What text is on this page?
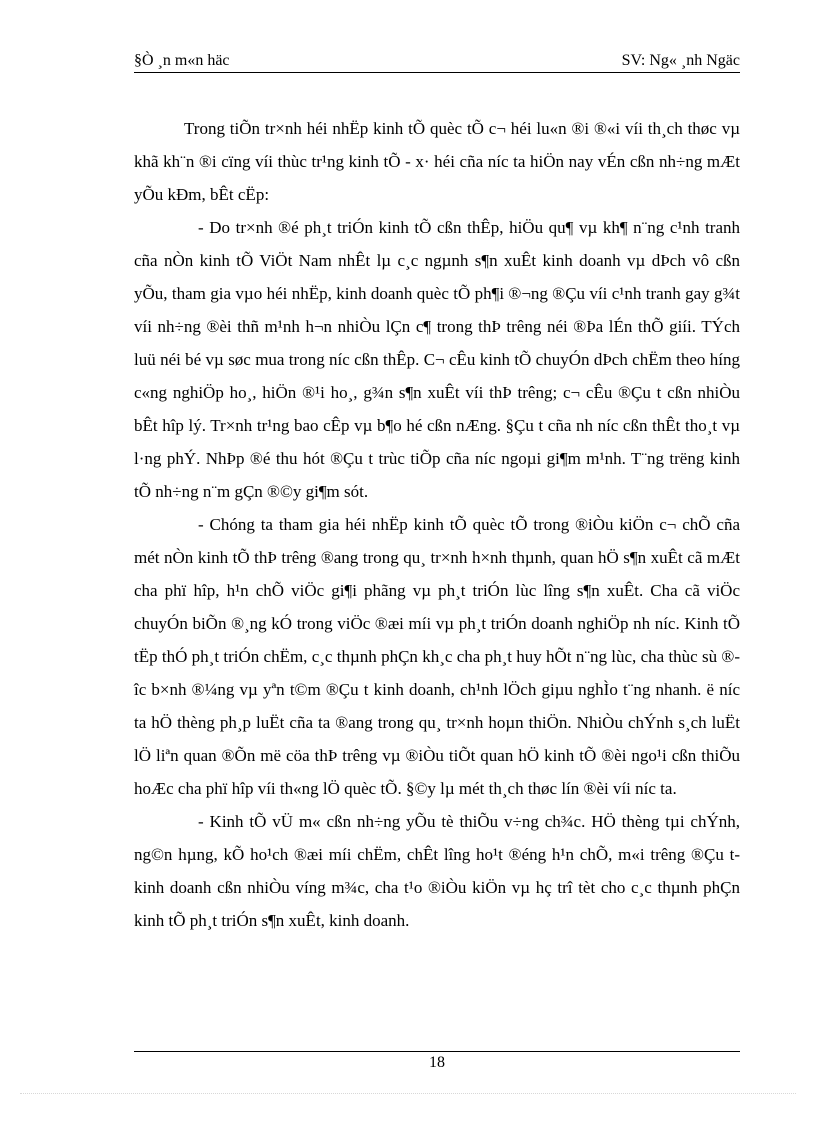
§Ò ¸n m«n häc	SV: Ng« ¸nh Ngäc

Trong tiÕn tr×nh héi nhËp kinh tÕ quèc tÕ c¬ héi lu«n ®i ®«i víi th¸ch thøc vµ khã kh¨n ®i cïng víi thùc tr¹ng kinh tÕ - x· héi cña níc ta hiÖn nay vÉn cßn nh÷ng mÆt yÕu kÐm, bÊt cËp:

- Do tr×nh ®é ph¸t triÓn kinh tÕ cßn thÊp, hiÖu qu¶ vµ kh¶ n¨ng c¹nh tranh cña nÒn kinh tÕ ViÖt Nam nhÊt lµ c¸c ngµnh s¶n xuÊt kinh doanh vµ dÞch vô cßn yÕu, tham gia vµo héi nhËp, kinh doanh quèc tÕ ph¶i ®¬ng ®Çu víi c¹nh tranh gay g¾t víi nh÷ng ®èi thñ m¹nh h¬n nhiÒu lÇn c¶ trong thÞ trêng néi ®Þa lÉn thÕ giíi. TÝch luü néi bé vµ søc mua trong níc cßn thÊp. C¬ cÊu kinh tÕ chuyÓn dÞch chËm theo híng c«ng nghiÖp ho¸, hiÖn ®¹i ho¸, g¾n s¶n xuÊt víi thÞ trêng; c¬ cÊu ®Çu t cßn nhiÒu bÊt hîp lý. Tr×nh tr¹ng bao cÊp vµ b¶o hé cßn nÆng. §Çu t cña nh níc cßn thÊt tho¸t vµ l·ng phÝ. NhÞp ®é thu hót ®Çu t trùc tiÕp cña níc ngoµi gi¶m m¹nh. T¨ng trëng kinh tÕ nh÷ng n¨m gÇn ®©y gi¶m sót.

- Chóng ta tham gia héi nhËp kinh tÕ quèc tÕ trong ®iÒu kiÖn c¬ chÕ cña mét nÒn kinh tÕ thÞ trêng ®ang trong qu¸ tr×nh h×nh thµnh, quan hÖ s¶n xuÊt cã mÆt cha phï hîp, h¹n chÕ viÖc gi¶i phãng vµ ph¸t triÓn lùc lîng s¶n xuÊt. Cha cã viÖc chuyÓn biÕn ®¸ng kÓ trong viÖc ®æi míi vµ ph¸t triÓn doanh nghiÖp nh níc. Kinh tÕ tËp thÓ ph¸t triÓn chËm, c¸c thµnh phÇn kh¸c cha ph¸t huy hÕt n¨ng lùc, cha thùc sù ®îc b×nh ®¼ng vµ yªn t©m ®Çu t kinh doanh, ch¹nh lÖch giµu nghÌo t¨ng nhanh. ë níc ta hÖ thèng ph¸p luËt cña ta ®ang trong qu¸ tr×nh hoµn thiÖn. NhiÒu chÝnh s¸ch luËt lÖ liªn quan ®Õn më cöa thÞ trêng vµ ®iÒu tiÕt quan hÖ kinh tÕ ®èi ngo¹i cßn thiÕu hoÆc cha phï hîp víi th«ng lÖ quèc tÕ. §©y lµ mét th¸ch thøc lín ®èi víi níc ta.

- Kinh tÕ vÜ m« cßn nh÷ng yÕu tè thiÕu v÷ng ch¾c. HÖ thèng tµi chÝnh, ng©n hµng, kÕ ho¹ch ®æi míi chËm, chÊt lîng ho¹t ®éng h¹n chÕ, m«i trêng ®Çu t kinh doanh cßn nhiÒu víng m¾c, cha t¹o ®iÒu kiÖn vµ hç trî tèt cho c¸c thµnh phÇn kinh tÕ ph¸t triÓn s¶n xuÊt, kinh doanh.

18
